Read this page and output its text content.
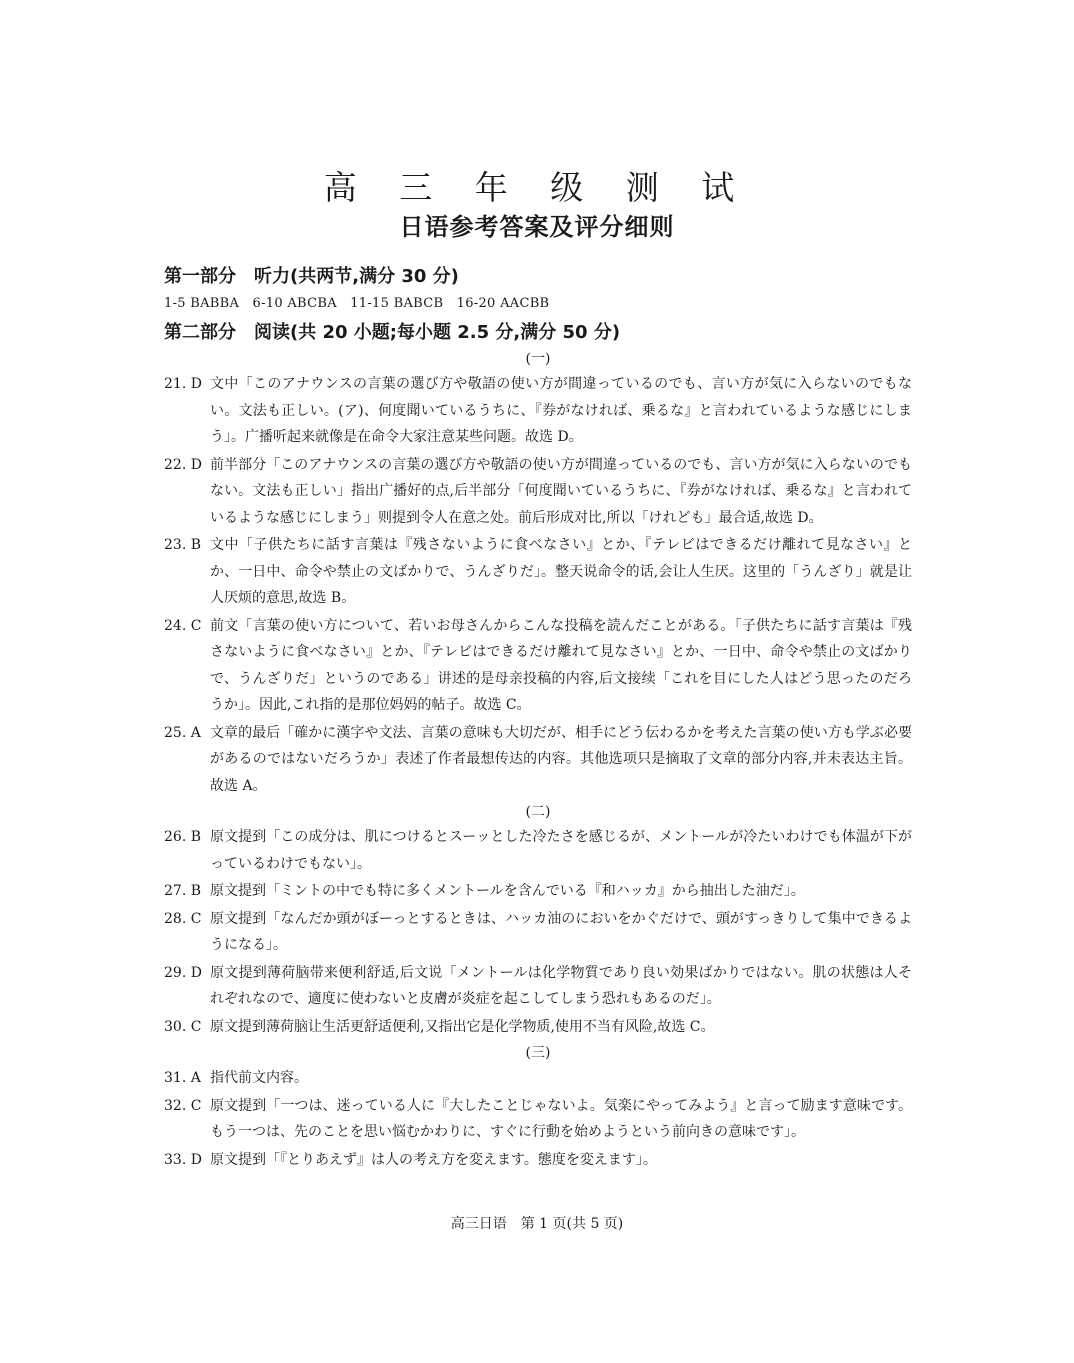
高 三 年 级 测 试
日语参考答案及评分细则

第一部分　听力(共两节,满分 30 分)

1-5 BABBA　6-10 ABCBA　11-15 BABCB　16-20 AACBB

第二部分　阅读(共 20 小题;每小题 2.5 分,满分 50 分)

(一)

21. D 文中「このアナウンスの言葉の選び方や敬語の使い方が間違っているのでも、言い方が気に入らないのでもない。文法も正しい。(ア)、何度聞いているうちに、『券がなければ、乗るな』と言われているような感じにしまう」。广播听起来就像是在命令大家注意某些问题。故选 D。
22. D 前半部分「このアナウンスの言葉の選び方や敬語の使い方が間違っているのでも、言い方が気に入らないのでもない。文法も正しい」指出广播好的点,后半部分「何度聞いているうちに、『券がなければ、乗るな』と言われているような感じにしまう」则提到令人在意之处。前后形成对比,所以「けれども」最合适,故选 D。
23. B 文中「子供たちに話す言葉は『残さないように食べなさい』とか、『テレビはできるだけ離れて見なさい』とか、一日中、命令や禁止の文ばかりで、うんざりだ」。整天说命令的话,会让人生厌。这里的「うんざり」就是让人厌烦的意思,故选 B。
24. C 前文「言葉の使い方について、若いお母さんからこんな投稿を読んだことがある。「子供たちに話す言葉は『残さないように食べなさい』とか、『テレビはできるだけ離れて見なさい』とか、一日中、命令や禁止の文ばかりで、うんざりだ」というのである」讲述的是母亲投稿的内容,后文接续「これを目にした人はどう思ったのだろうか」。因此,これ指的是那位妈妈的帖子。故选 C。
25. A 文章的最后「確かに漢字や文法、言葉の意味も大切だが、相手にどう伝わるかを考えた言葉の使い方も学ぶ必要があるのではないだろうか」表述了作者最想传达的内容。其他选项只是摘取了文章的部分内容,并未表达主旨。故选 A。

(二)

26. B 原文提到「この成分は、肌につけるとスーッとした冷たさを感じるが、メントールが冷たいわけでも体温が下がっているわけでもない」。
27. B 原文提到「ミントの中でも特に多くメントールを含んでいる『和ハッカ』から抽出した油だ」。
28. C 原文提到「なんだか頭がぼーっとするときは、ハッカ油のにおいをかぐだけで、頭がすっきりして集中できるようになる」。
29. D 原文提到薄荷脑带来便利舒适,后文说「メントールは化学物質であり良い効果ばかりではない。肌の状態は人それぞれなので、適度に使わないと皮膚が炎症を起こしてしまう恐れもあるのだ」。
30. C 原文提到薄荷脑让生活更舒适便利,又指出它是化学物质,使用不当有风险,故选 C。

(三)

31. A 指代前文内容。
32. C 原文提到「一つは、迷っている人に『大したことじゃないよ。気楽にやってみよう』と言って励ます意味です。もう一つは、先のことを思い悩むかわりに、すぐに行動を始めようという前向きの意味です」。
33. D 原文提到「『とりあえず』は人の考え方を変えます。態度を変えます」。
高三日语　第 1 页(共 5 页)
